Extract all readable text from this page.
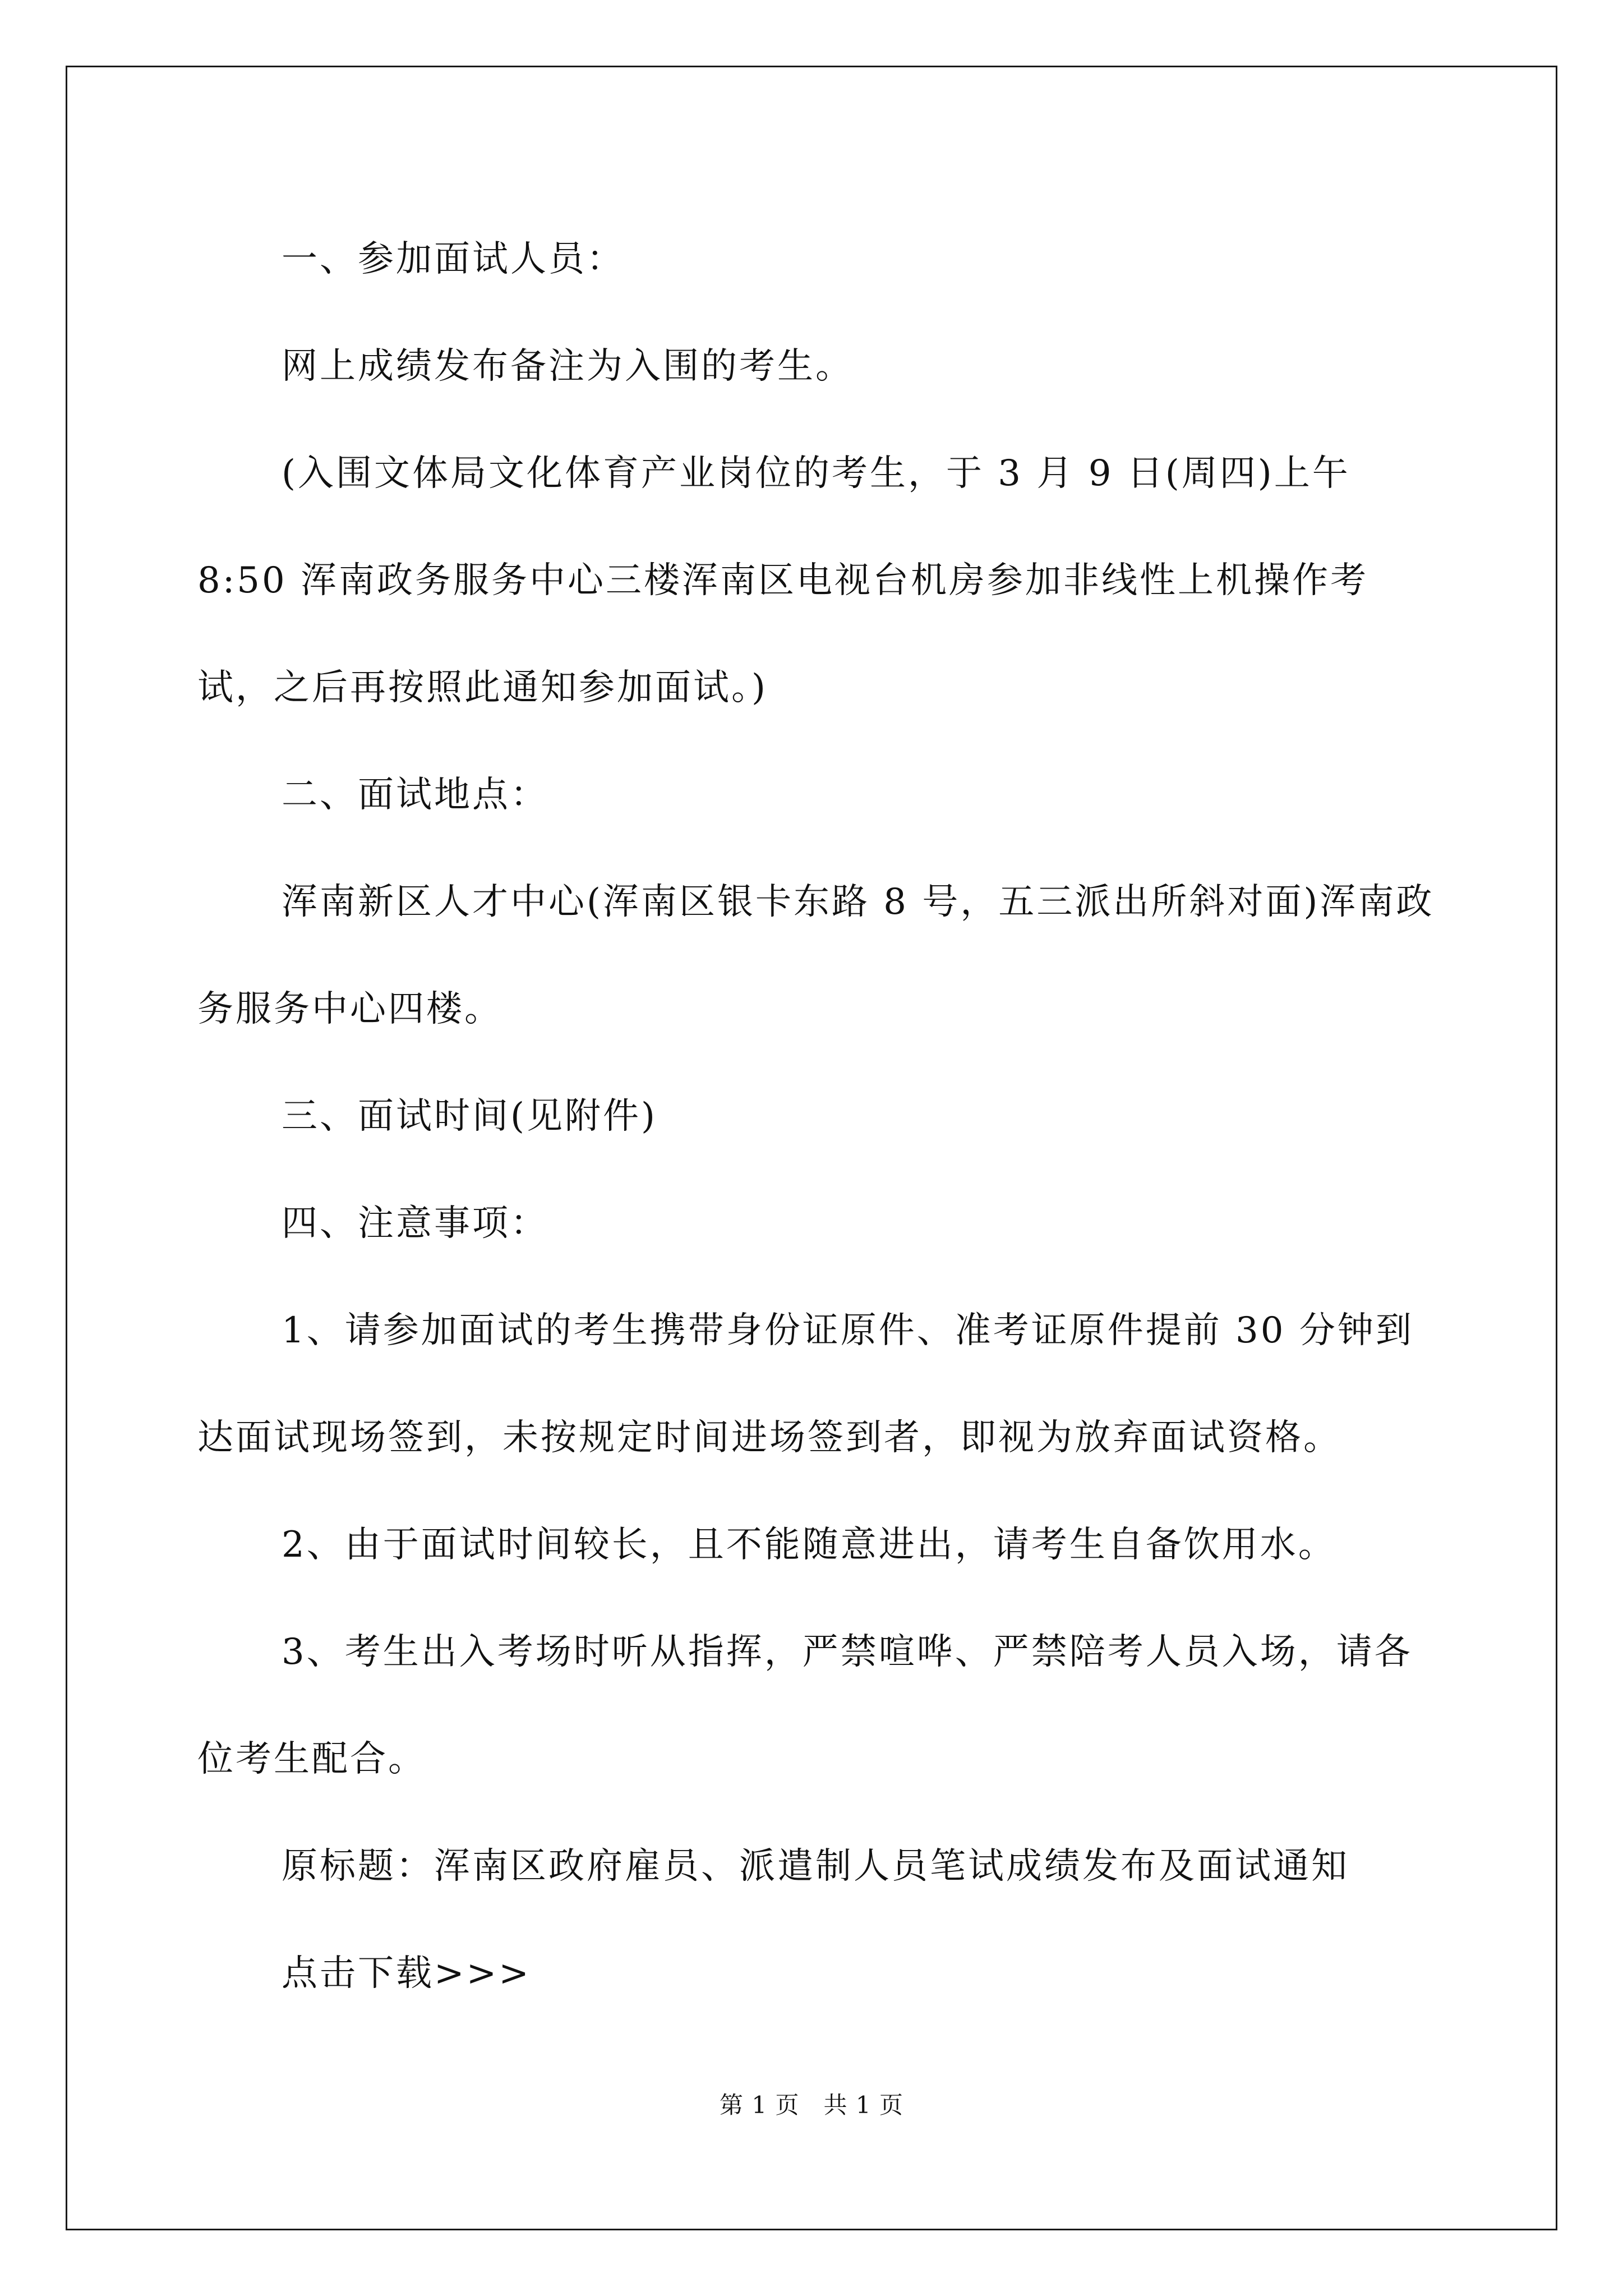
一、参加面试人员：

网上成绩发布备注为入围的考生。

(入围文体局文化体育产业岗位的考生，于 3 月 9 日(周四)上午 8:50 浑南政务服务中心三楼浑南区电视台机房参加非线性上机操作考试，之后再按照此通知参加面试。)

二、面试地点：

浑南新区人才中心(浑南区银卡东路 8 号，五三派出所斜对面)浑南政务服务中心四楼。

三、面试时间(见附件)

四、注意事项：

1、请参加面试的考生携带身份证原件、准考证原件提前 30 分钟到达面试现场签到，未按规定时间进场签到者，即视为放弃面试资格。

2、由于面试时间较长，且不能随意进出，请考生自备饮用水。

3、考生出入考场时听从指挥，严禁喧哗、严禁陪考人员入场，请各位考生配合。

原标题：浑南区政府雇员、派遣制人员笔试成绩发布及面试通知

点击下载>>>

第 1 页 共 1 页
